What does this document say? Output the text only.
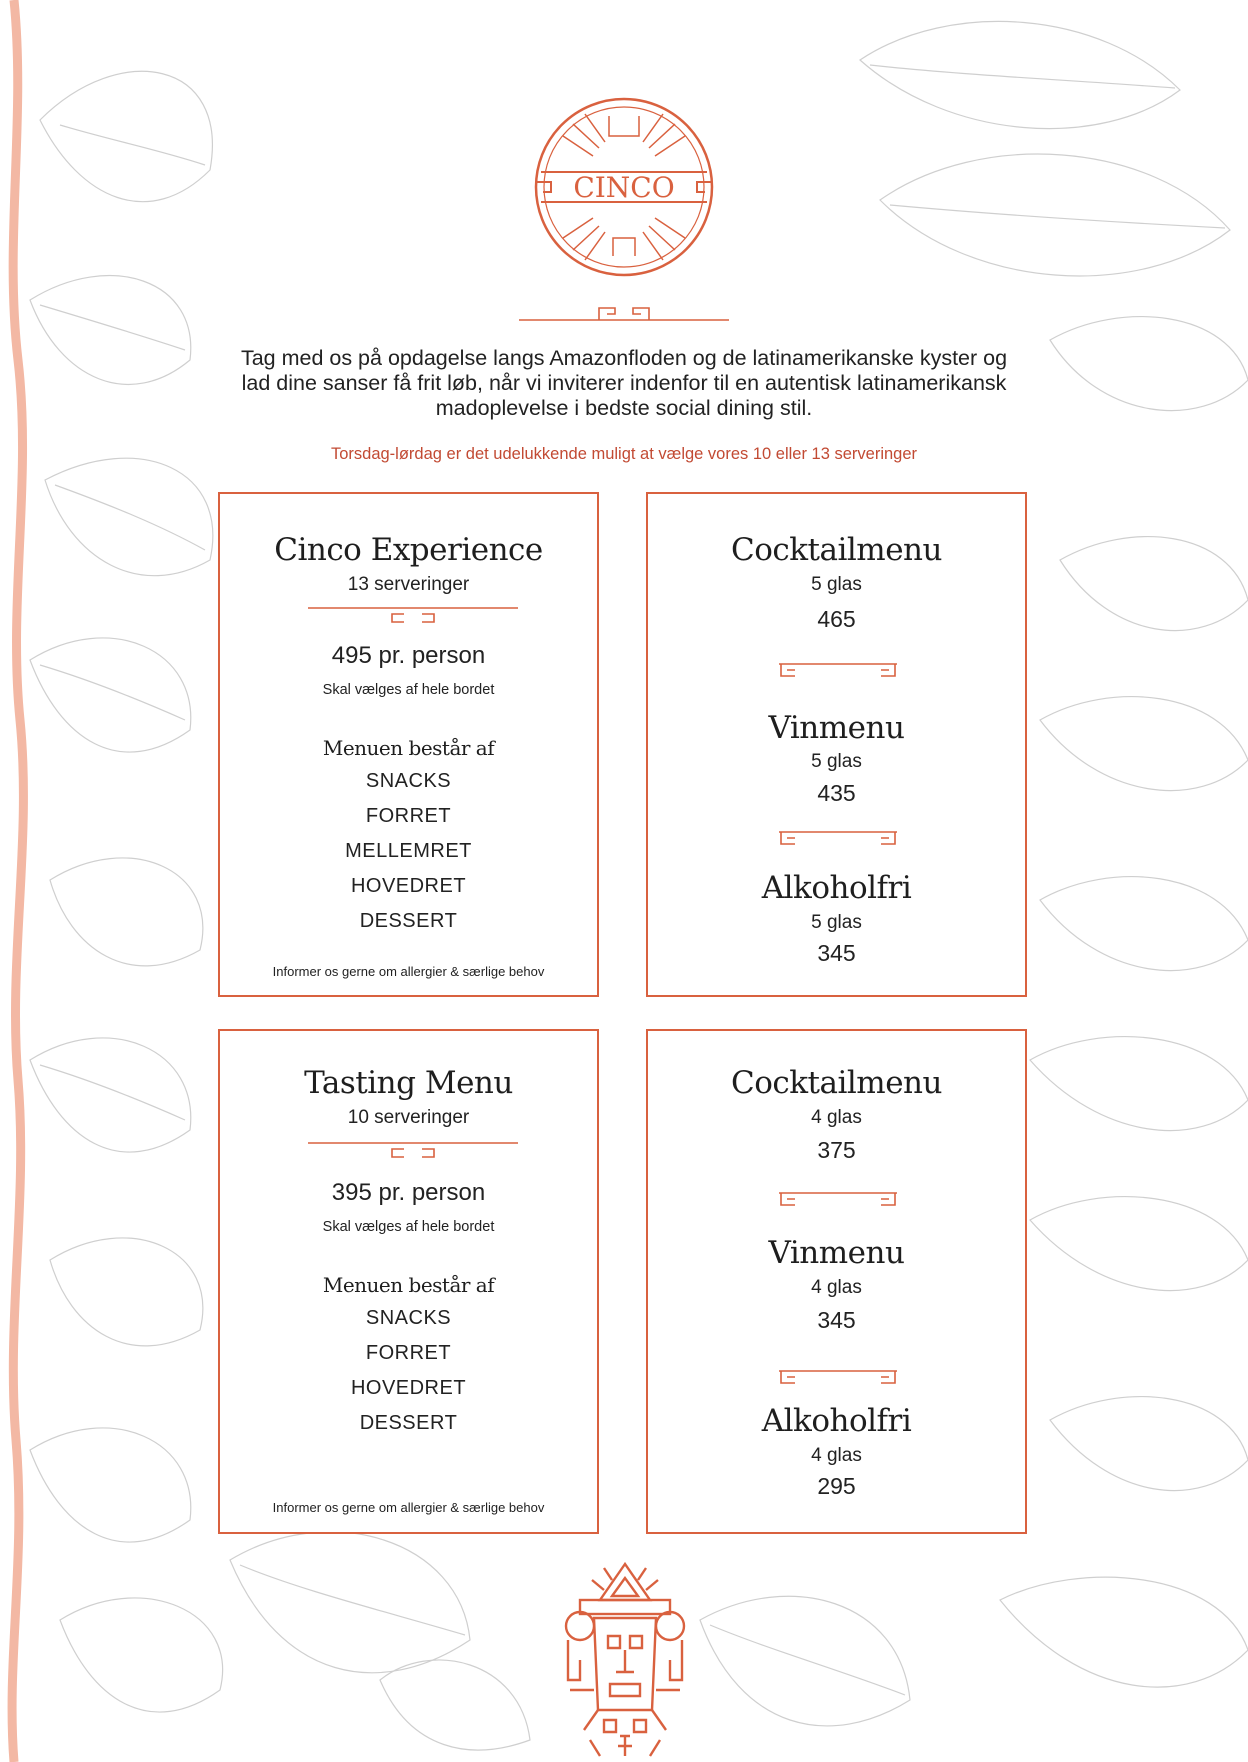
CINCO
Tag med os på opdagelse langs Amazonfloden og de latinamerikanske kyster og
lad dine sanser få frit løb, når vi inviterer indenfor til en autentisk latinamerikansk
madoplevelse i bedste social dining stil.
Torsdag-lørdag er det udelukkende muligt at vælge vores 10 eller 13 serveringer
Cinco Experience
13 serveringer
495 pr. person
Skal vælges af hele bordet
Menuen består af
SNACKS
FORRET
MELLEMRET
HOVEDRET
DESSERT
Informer os gerne om allergier & særlige behov
Cocktailmenu
5 glas
465
Vinmenu
5 glas
435
Alkoholfri
5 glas
345
Tasting Menu
10 serveringer
395 pr. person
Skal vælges af hele bordet
Menuen består af
SNACKS
FORRET
HOVEDRET
DESSERT
Informer os gerne om allergier & særlige behov
Cocktailmenu
4 glas
375
Vinmenu
4 glas
345
Alkoholfri
4 glas
295
